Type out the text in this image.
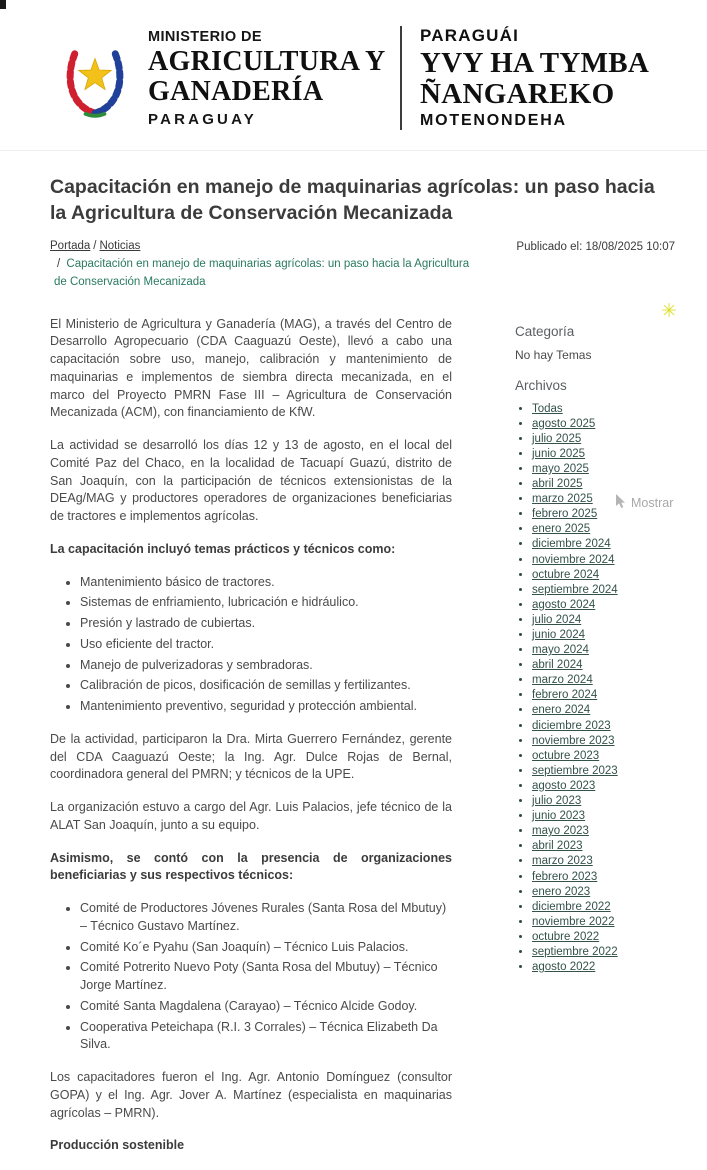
MINISTERIO DE
AGRICULTURA Y
GANADERÍA
PARAGUAY
PARAGUÁI
YVY HA TYMBA
ÑANGAREKO
MOTENONDEHA
Capacitación en manejo de maquinarias agrícolas: un paso hacia la Agricultura de Conservación Mecanizada
Portada / Noticias
/ Capacitación en manejo de maquinarias agrícolas: un paso hacia la Agricultura de Conservación Mecanizada
Publicado el: 18/08/2025 10:07

El Ministerio de Agricultura y Ganadería (MAG), a través del Centro de Desarrollo Agropecuario (CDA Caaguazú Oeste), llevó a cabo una capacitación sobre uso, manejo, calibración y mantenimiento de maquinarias e implementos de siembra directa mecanizada, en el marco del Proyecto PMRN Fase III – Agricultura de Conservación Mecanizada (ACM), con financiamiento de KfW.

La actividad se desarrolló los días 12 y 13 de agosto, en el local del Comité Paz del Chaco, en la localidad de Tacuapí Guazú, distrito de San Joaquín, con la participación de técnicos extensionistas de la DEAg/MAG y productores operadores de organizaciones beneficiarias de tractores e implementos agrícolas.

La capacitación incluyó temas prácticos y técnicos como:

• Mantenimiento básico de tractores.
• Sistemas de enfriamiento, lubricación e hidráulico.
• Presión y lastrado de cubiertas.
• Uso eficiente del tractor.
• Manejo de pulverizadoras y sembradoras.
• Calibración de picos, dosificación de semillas y fertilizantes.
• Mantenimiento preventivo, seguridad y protección ambiental.

De la actividad, participaron la Dra. Mirta Guerrero Fernández, gerente del CDA Caaguazú Oeste; la Ing. Agr. Dulce Rojas de Bernal, coordinadora general del PMRN; y técnicos de la UPE.

La organización estuvo a cargo del Agr. Luis Palacios, jefe técnico de la ALAT San Joaquín, junto a su equipo.

Asimismo, se contó con la presencia de organizaciones beneficiarias y sus respectivos técnicos:

• Comité de Productores Jóvenes Rurales (Santa Rosa del Mbutuy) – Técnico Gustavo Martínez.
• Comité Ko´e Pyahu (San Joaquín) – Técnico Luis Palacios.
• Comité Potrerito Nuevo Poty (Santa Rosa del Mbutuy) – Técnico Jorge Martínez.
• Comité Santa Magdalena (Carayao) – Técnico Alcide Godoy.
• Cooperativa Peteichapa (R.I. 3 Corrales) – Técnica Elizabeth Da Silva.

Los capacitadores fueron el Ing. Agr. Antonio Domínguez (consultor GOPA) y el Ing. Agr. Jover A. Martínez (especialista en maquinarias agrícolas – PMRN).

Producción sostenible

✳
Categoría
No hay Temas
Archivos
• Todas
• agosto 2025
• julio 2025
• junio 2025
• mayo 2025
• abril 2025
• marzo 2025
• febrero 2025
• enero 2025
• diciembre 2024
• noviembre 2024
• octubre 2024
• septiembre 2024
• agosto 2024
• julio 2024
• junio 2024
• mayo 2024
• abril 2024
• marzo 2024
• febrero 2024
• enero 2024
• diciembre 2023
• noviembre 2023
• octubre 2023
• septiembre 2023
• agosto 2023
• julio 2023
• junio 2023
• mayo 2023
• abril 2023
• marzo 2023
• febrero 2023
• enero 2023
• diciembre 2022
• noviembre 2022
• octubre 2022
• septiembre 2022
• agosto 2022
Mostrar
